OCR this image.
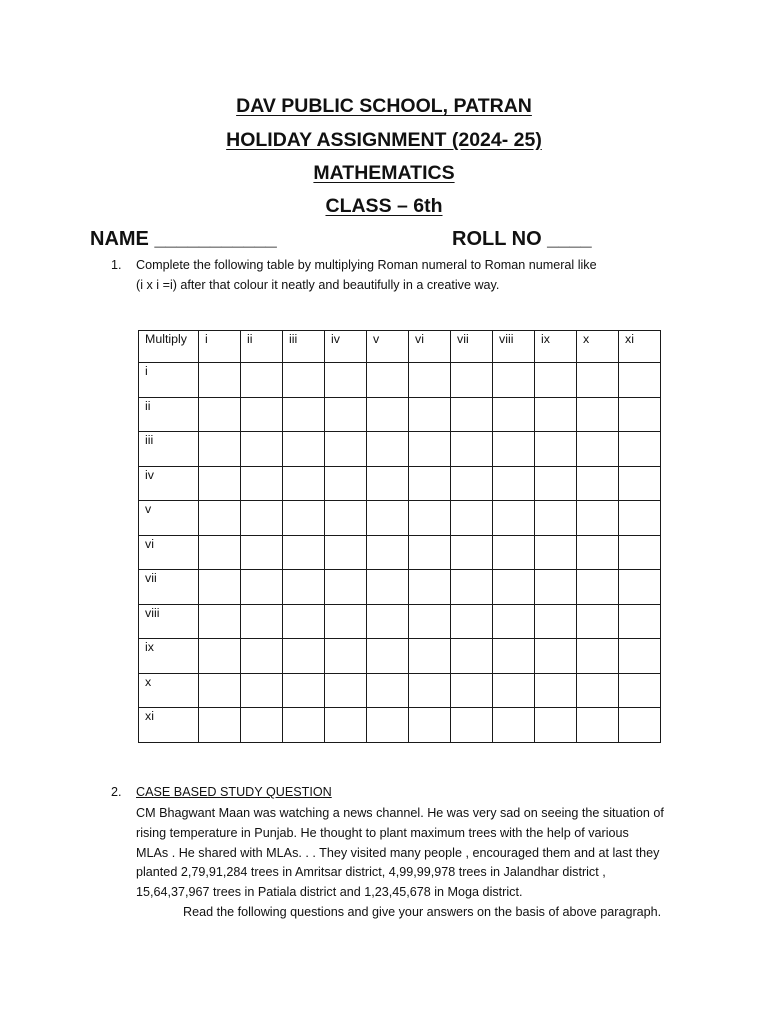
DAV PUBLIC SCHOOL, PATRAN
HOLIDAY ASSIGNMENT (2024- 25)
MATHEMATICS
CLASS – 6th
NAME ___________	ROLL NO ____
1. Complete the following table by multiplying Roman numeral to Roman numeral like
(i x i =i) after that colour it neatly and beautifully in a creative way.
Multiply	i	ii	iii	iv	v	vi	vii	viii	ix	x	xi
i											
ii											
iii											
iv											
v											
vi											
vii											
viii											
ix											
x											
xi											
2. CASE BASED STUDY QUESTION
CM Bhagwant Maan was watching a news channel. He was very sad on seeing the situation of
rising temperature in Punjab. He thought to plant maximum trees with the help of various
MLAs . He shared with MLAs. . . They visited many people , encouraged them and at last they
planted 2,79,91,284 trees in Amritsar district, 4,99,99,978 trees in Jalandhar district ,
15,64,37,967 trees in Patiala district and 1,23,45,678 in Moga district.
Read the following questions and give your answers on the basis of above paragraph.
